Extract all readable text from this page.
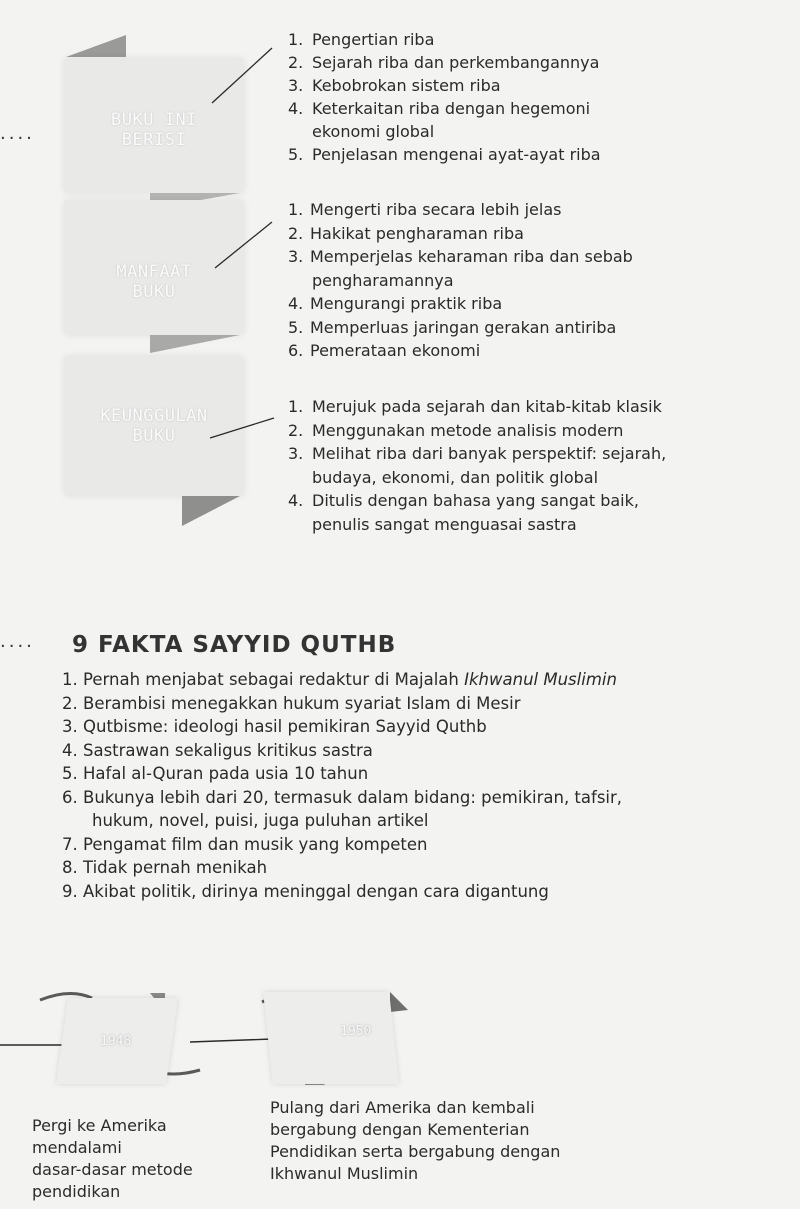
BUKU INI
BERISI
MANFAAT
BUKU
KEUNGGULAN
BUKU
····
1. Pengertian riba
2. Sejarah riba dan perkembangannya
3. Kebobrokan sistem riba
4. Keterkaitan riba dengan hegemoni
ekonomi global
5. Penjelasan mengenai ayat-ayat riba
1. Mengerti riba secara lebih jelas
2. Hakikat pengharaman riba
3. Memperjelas keharaman riba dan sebab
pengharamannya
4. Mengurangi praktik riba
5. Memperluas jaringan gerakan antiriba
6. Pemerataan ekonomi
1. Merujuk pada sejarah dan kitab-kitab klasik
2. Menggunakan metode analisis modern
3. Melihat riba dari banyak perspektif: sejarah,
budaya, ekonomi, dan politik global
4. Ditulis dengan bahasa yang sangat baik,
penulis sangat menguasai sastra
···· 9 FAKTA SAYYID QUTHB
1. Pernah menjabat sebagai redaktur di Majalah Ikhwanul Muslimin
2. Berambisi menegakkan hukum syariat Islam di Mesir
3. Qutbisme: ideologi hasil pemikiran Sayyid Quthb
4. Sastrawan sekaligus kritikus sastra
5. Hafal al-Quran pada usia 10 tahun
6. Bukunya lebih dari 20, termasuk dalam bidang: pemikiran, tafsir,
hukum, novel, puisi, juga puluhan artikel
7. Pengamat film dan musik yang kompeten
8. Tidak pernah menikah
9. Akibat politik, dirinya meninggal dengan cara digantung
1948
1950
Pergi ke Amerika
mendalami
dasar-dasar metode
pendidikan
Pulang dari Amerika dan kembali
bergabung dengan Kementerian
Pendidikan serta bergabung dengan
Ikhwanul Muslimin
